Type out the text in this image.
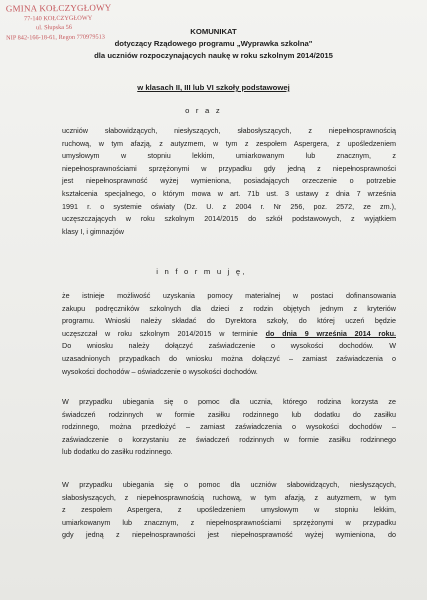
GMINA KOŁCZYGŁOWY
77-140 KOŁCZYGŁOWY
ul. Słupska 56
NIP 842-166-18-61, Regon 770979513
KOMUNIKAT
dotyczący Rządowego programu „Wyprawka szkolna"
dla uczniów rozpoczynających naukę w roku szkolnym 2014/2015
w klasach II, III lub VI szkoły podstawowej
o r a z
uczniów słabowidzących, niesłyszących, słabosłyszących, z niepełnosprawnością
ruchową, w tym afazją, z autyzmem, w tym z zespołem Aspergera, z upośledzeniem
umysłowym w stopniu lekkim, umiarkowanym lub znacznym, z
niepełnosprawnościami sprzężonymi w przypadku gdy jedną z niepełnosprawności
jest niepełnosprawność wyżej wymieniona, posiadających orzeczenie o potrzebie
kształcenia specjalnego, o którym mowa w art. 71b ust. 3 ustawy z dnia 7 września
1991 r. o systemie oświaty (Dz. U. z 2004 r. Nr 256, poz. 2572, ze zm.),
uczęszczających w roku szkolnym 2014/2015 do szkół podstawowych, z wyjątkiem
klasy I, i gimnazjów
i n f o r m u j ę,
że istnieje możliwość uzyskania pomocy materialnej w postaci dofinansowania
zakupu podręczników szkolnych dla dzieci z rodzin objętych jednym z kryteriów
programu. Wnioski należy składać do Dyrektora szkoły, do której uczeń będzie
uczęszczał w roku szkolnym 2014/2015 w terminie do dnia 9 września 2014 roku.
Do wniosku należy dołączyć zaświadczenie o wysokości dochodów. W
uzasadnionych przypadkach do wniosku można dołączyć – zamiast zaświadczenia o
wysokości dochodów – oświadczenie o wysokości dochodów.
W przypadku ubiegania się o pomoc dla ucznia, którego rodzina korzysta ze
świadczeń rodzinnych w formie zasiłku rodzinnego lub dodatku do zasiłku
rodzinnego, można przedłożyć – zamiast zaświadczenia o wysokości dochodów –
zaświadczenie o korzystaniu ze świadczeń rodzinnych w formie zasiłku rodzinnego
lub dodatku do zasiłku rodzinnego.
W przypadku ubiegania się o pomoc dla uczniów słabowidzących, niesłyszących,
słabosłyszących, z niepełnosprawnością ruchową, w tym afazją, z autyzmem, w tym
z zespołem Aspergera, z upośledzeniem umysłowym w stopniu lekkim,
umiarkowanym lub znacznym, z niepełnosprawnościami sprzężonymi w przypadku
gdy jedną z niepełnosprawności jest niepełnosprawność wyżej wymieniona, do
